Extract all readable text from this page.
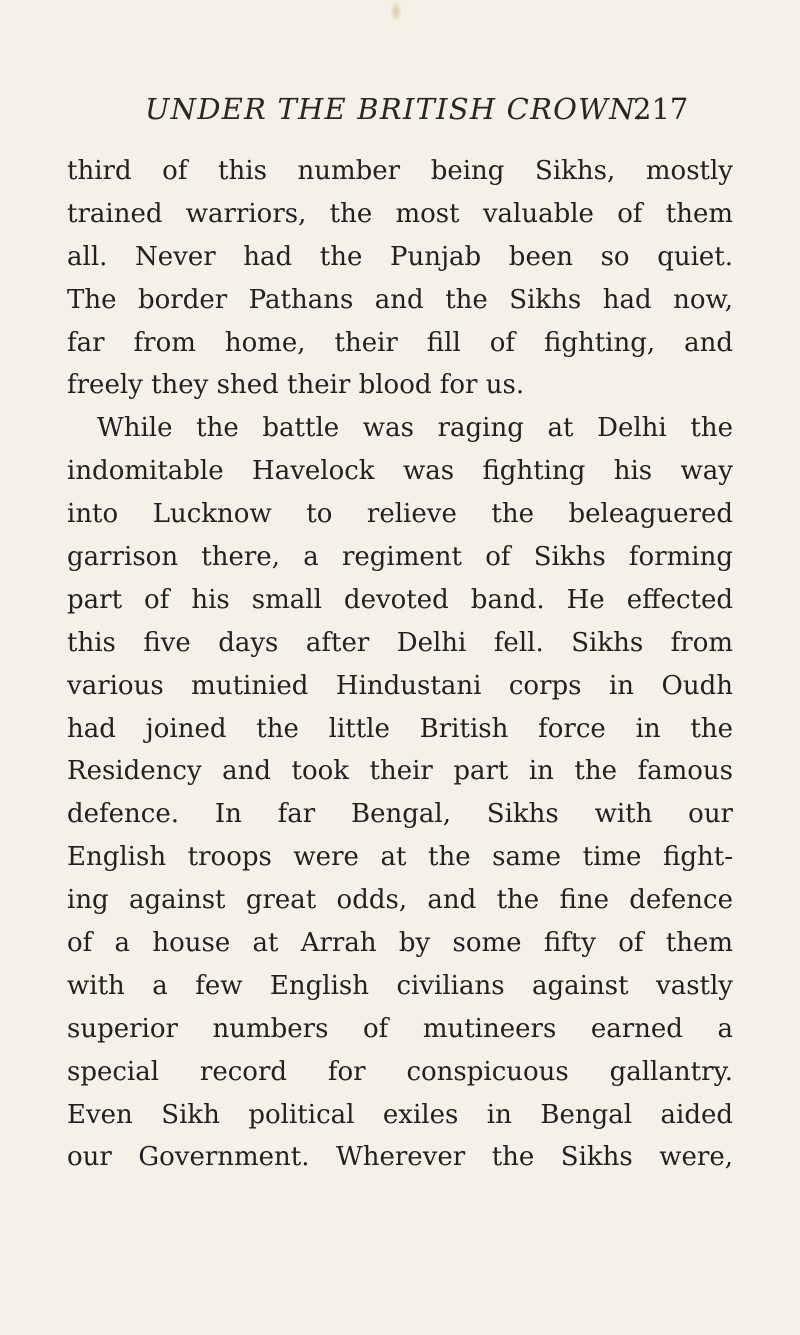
UNDER THE BRITISH CROWN.
217
third of this number being Sikhs, mostly
trained warriors, the most valuable of them
all. Never had the Punjab been so quiet.
The border Pathans and the Sikhs had now,
far from home, their fill of fighting, and
freely they shed their blood for us.
While the battle was raging at Delhi the
indomitable Havelock was fighting his way
into Lucknow to relieve the beleaguered
garrison there, a regiment of Sikhs forming
part of his small devoted band. He effected
this five days after Delhi fell. Sikhs from
various mutinied Hindustani corps in Oudh
had joined the little British force in the
Residency and took their part in the famous
defence. In far Bengal, Sikhs with our
English troops were at the same time fight-
ing against great odds, and the fine defence
of a house at Arrah by some fifty of them
with a few English civilians against vastly
superior numbers of mutineers earned a
special record for conspicuous gallantry.
Even Sikh political exiles in Bengal aided
our Government. Wherever the Sikhs were,
